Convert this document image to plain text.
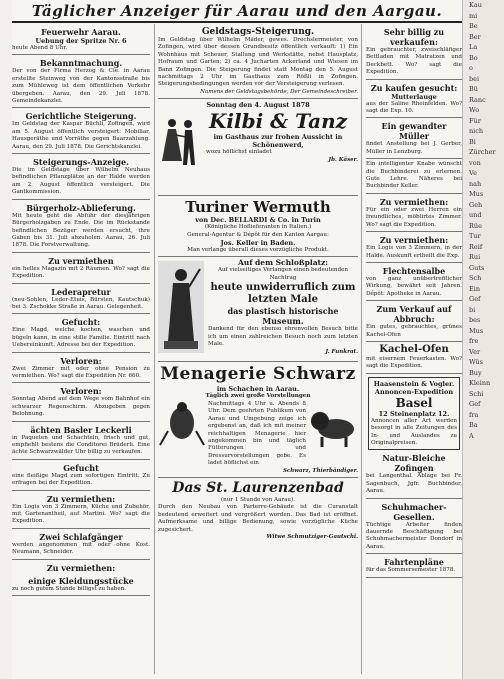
Täglicher Anzeiger für Aarau und den Aargau.
Feuerwehr Aarau.
Uebung der Spritze Nr. 6
heute Abend 8 Uhr.
Bekanntmachung.
Der von der Firma Herzog & Cie. in Aarau erstellte Steinweg von der Kantonsstraße bis zum Mühleweg ist dem öffentlichen Verkehr übergeben. Aarau, den 29. Juli 1878. Gemeindekanzlei.
Gerichtliche Steigerung.
Im Geldstag der Kaspar Büchli, Zofingen, wird am 5. August öffentlich versteigert: Mobiliar, Hausgeräthe und Vorräthe gegen Baarzahlung. Aarau, den 29. Juli 1878. Die Gerichtskanzlei.
Steigerungs-Anzeige.
Die im Geldstage über Wilhelm Neuhaus befindlichen Pflanzplätze an der Halde werden am 2. August öffentlich versteigert. Die Gantkommission.
Bürgerholz-Ablieferung.
Mit heute geht die Abfuhr der diesjährigen Bürgerholzgaben zu Ende. Die im Rückstande befindlichen Bezüger werden ersucht, ihre Gaben bis 31. Juli abzuholen. Aarau, 26. Juli 1878. Die Forstverwaltung.
Zu vermiethen
ein helles Magazin mit 2 Räumen. Wo? sagt die Expedition.
Lederapretur
(neu-Sohlen, Leder-Etuis, Bürsten, Kautschuk) bei 3. Zschokke Straße in Aarau. Gelegenheit.
Gefucht:
Eine Magd, welche kochen, waschen und bügeln kann, in eine stille Familie. Eintritt nach Uebereinkunft. Adresse bei der Expedition.
Verloren:
Zwei Zimmer mit oder ohne Pension zu vermiethen. Wo? sagt die Expedition Nr. 660.
Verloren:
Sonntag Abend auf dem Wege vom Bahnhof ein schwarzer Regenschirm. Abzugeben gegen Belohnung.
ächten Basler Leckerli
in Paqueten und Schachteln, frisch und gut, empfiehlt bestens die Conditorei Brüderli. Eine ächte Schwarzwälder Uhr billig zu verkaufen.
Gefucht
eine fleißige Magd zum sofortigen Eintritt. Zu erfragen bei der Expedition.
Zu vermiethen:
Ein Logis von 3 Zimmern, Küche und Zubehör, mit Gartenantheil, auf Martini. Wo? sagt die Expedition.
Zwei Schlafgänger
werden angenommen mit oder ohne Kost. Neumann, Schneider.
Zu vermiethen:
einige Kleidungsstücke
zu noch gutem Stande billigst zu haben.
Geldstags-Steigerung.
Im Geldstag über Wilhelm Mäder, gewes. Drechslermeister, von Zofingen, wird über dessen Grundbesitz öffentlich verkauft: 1) Ein Wohnhaus mit Scheuer, Stallung und Werkstätte, nebst Hausplatz, Hofraum und Garten; 2) ca. 4 Jucharten Ackerland und Wiesen im Bann Zofingen. Die Steigerung findet statt Montag den 5. August nachmittags 2 Uhr im Gasthaus zum Rößli in Zofingen. Steigerungsbedingungen werden vor der Versteigerung verlesen.
Namens der Geldstagsbehörde, Der Gemeindeschreiber.
Sonntag den 4. August 1878
Kilbi & Tanz
im Gasthaus zur frohen Aussicht in Schönenwerd,
wozu höflichst einladet
Jb. Käser.
Turiner Wermuth
von Dec. BELLARDI & Co. in Turin
(Königliche Hoflieferanten in Italien.)
General-Agentur & Dépôt für den Kanton Aargau:
Jos. Keller in Baden.
Man verlange überall dieses vorzügliche Produkt.
Auf dem Schloßplatz:
Auf vielseitiges Verlangen einen bedeutenden Nachtrag
heute unwiderruflich zum letzten Male
das plastisch historische Museum.
Dankend für den ebenso ehrenvollen Besuch bitte ich um einen zahlreichen Besuch noch zum letzten Male.
J. Funkrat.
Menagerie Schwarz
im Schachen in Aarau.
Täglich zwei große Vorstellungen
Nachmittags 4 Uhr u. Abends 8 Uhr. Dem geehrten Publikum von Aarau und Umgebung zeige ich ergebenst an, daß ich mit meiner reichhaltigen Menagerie hier angekommen bin und täglich Fütterungen und Dressurvorstellungen gebe. Es ladet höflichst ein
Schwarz, Thierbändiger.
Das St. Laurenzenbad
(nur 1 Stunde von Aarau).
Durch den Neubau von Parterre-Gebäude ist die Curanstalt bedeutend erweitert und vergrößert worden. Das Bad ist eröffnet. Aufmerksame und billige Bedienung, sowie vorzügliche Küche zugesichert.
Witwe Schmutziger-Gautschi.
Sehr billig zu verkaufen:
Ein gebrauchter, zweischläfiger Bettladen mit Matratzen und Deckbett. Wo? sagt die Expedition.
Zu kaufen gesucht:
Mutterlauge
aus der Saline Rheinfelden. Wo? sagt die Exp. 10.
Ein gewandter Müller
findet Anstellung bei J. Gerber, Müller in Lenzburg.
Ein intelligenter Knabe wünscht die Buchbinderei zu erlernen. Gute Lehre. Näheres bei Buchbinder Keller.
Zu vermiethen:
Für ein oder zwei Herren ein freundliches, möblirtes Zimmer. Wo? sagt die Expedition.
Zu vermiethen:
Ein Logis von 3 Zimmern, in der Halde. Auskunft ertheilt die Exp.
Flechtensalbe
von ganz unübertrefflicher Wirkung, bewährt seit Jahren. Dépôt: Apotheke in Aarau.
Zum Verkauf auf Abbruch:
Ein gutes, gebrauchtes, grünes Kachel-Ofen
Kachel-Ofen
mit eisernem Feuerkasten. Wo? sagt die Expedition.
Haasenstein & Vogler.
Annoncen-Expedition
Basel
12 Steinenplatz 12.
Annoncen aller Art werden besorgt in alle Zeitungen des In- und Auslandes zu Originalpreisen.
Natur-Bleiche Zofingen
bei Langenthal. Ablage bei Fr. Sagenbuch, Jgfr. Buchbinder, Aarau.
Schuhmacher-Gesellen.
Tüchtige Arbeiter finden dauernde Beschäftigung bei Schuhmachermeister Dondorf in Aarau.
Fahrtenpläne
für das Sommersemester 1878.
Kau
mi
Be
Ber
La
Bo
o
bei
Bü
Ranc
Wo
Für
nich
Bi
Zürcher
von
Ve
nah
Mus
Geh
und
Rüe
Tur
Reif
Rui
Guts
Sch
Ein
Gef
bi
bes
Mus
fre
Ver
Wüs
Buy
Kleinn
Schi
Gef
fra
Ba
A
